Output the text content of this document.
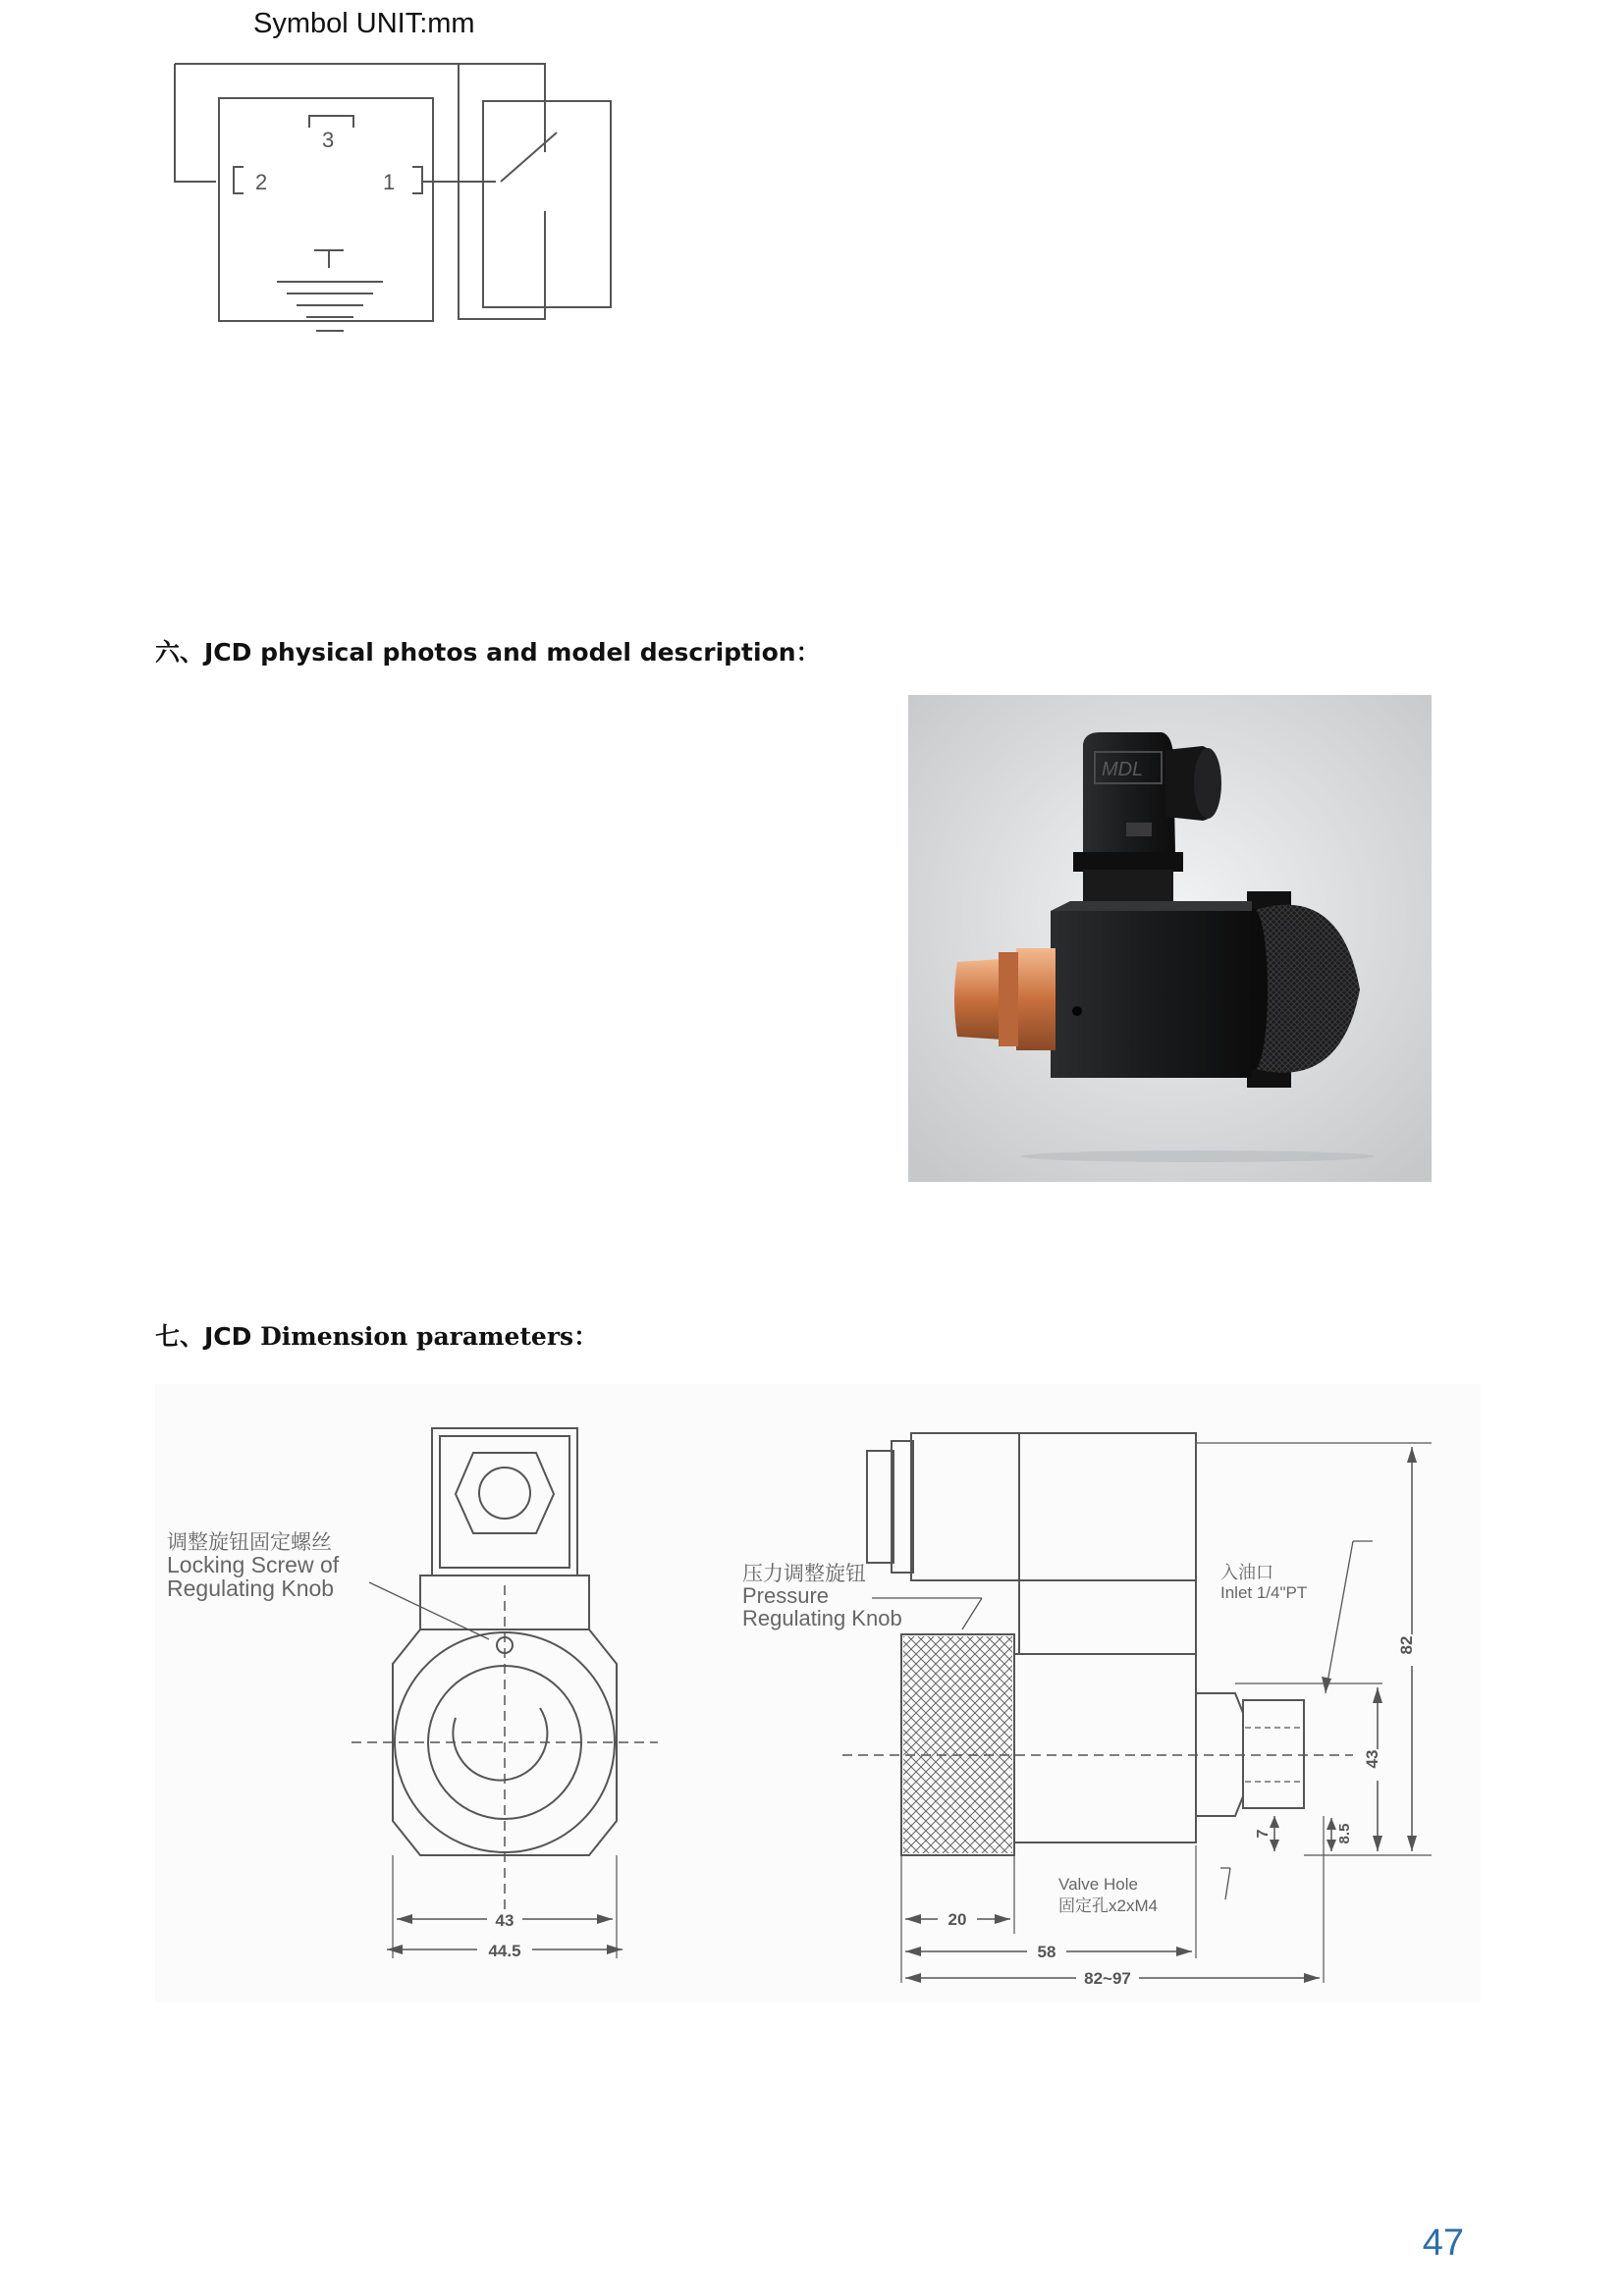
Symbol UNIT:mm
3
2	1
六、JCD physical photos and model description：
MDL
七、JCD Dimension parameters：
43
44.5
调整旋钮固定螺丝
Locking Screw of
Regulating Knob
20
58
82~97
82
43
7	8.5
压力调整旋钮
Pressure
Regulating Knob
入油口
Inlet 1/4"PT
Valve Hole
固定孔x2xM4
47
